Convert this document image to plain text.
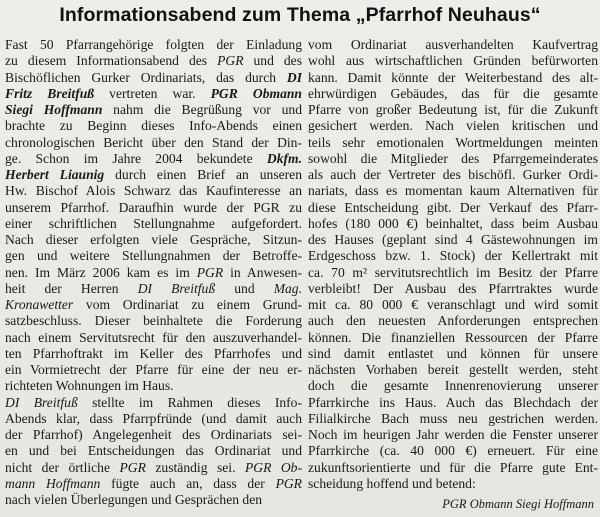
Informationsabend zum Thema „Pfarrhof Neuhaus“
Fast 50 Pfarrangehörige folgten der Einladung
zu diesem Informationsabend des PGR und des
Bischöflichen Gurker Ordinariats, das durch DI
Fritz Breitfuß vertreten war. PGR Obmann
Siegi Hoffmann nahm die Begrüßung vor und
brachte zu Beginn dieses Info-Abends einen
chronologischen Bericht über den Stand der Din-
ge. Schon im Jahre 2004 bekundete Dkfm.
Herbert Liaunig durch einen Brief an unseren
Hw. Bischof Alois Schwarz das Kaufinteresse an
unserem Pfarrhof. Daraufhin wurde der PGR zu
einer schriftlichen Stellungnahme aufgefordert.
Nach dieser erfolgten viele Gespräche, Sitzun-
gen und weitere Stellungnahmen der Betroffe-
nen. Im März 2006 kam es im PGR in Anwesen-
heit der Herren DI Breitfuß und Mag.
Kronawetter vom Ordinariat zu einem Grund-
satzbeschluss. Dieser beinhaltete die Forderung
nach einem Servitutsrecht für den auszuverhandel-
ten Pfarrhoftrakt im Keller des Pfarrhofes und
ein Vormietrecht der Pfarre für eine der neu er-
richteten Wohnungen im Haus.
DI Breitfuß stellte im Rahmen dieses Info-
Abends klar, dass Pfarrpfründe (und damit auch
der Pfarrhof) Angelegenheit des Ordinariats sei-
en und bei Entscheidungen das Ordinariat und
nicht der örtliche PGR zuständig sei. PGR Ob-
mann Hoffmann fügte auch an, dass der PGR
nach vielen Überlegungen und Gesprächen den
vom Ordinariat ausverhandelten Kaufvertrag
wohl aus wirtschaftlichen Gründen befürworten
kann. Damit könnte der Weiterbestand des alt-
ehrwürdigen Gebäudes, das für die gesamte
Pfarre von großer Bedeutung ist, für die Zukunft
gesichert werden. Nach vielen kritischen und
teils sehr emotionalen Wortmeldungen meinten
sowohl die Mitglieder des Pfarrgemeinderates
als auch der Vertreter des bischöfl. Gurker Ordi-
nariats, dass es momentan kaum Alternativen für
diese Entscheidung gibt. Der Verkauf des Pfarr-
hofes (180 000 €) beinhaltet, dass beim Ausbau
des Hauses (geplant sind 4 Gästewohnungen im
Erdgeschoss bzw. 1. Stock) der Kellertrakt mit
ca. 70 m² servitutsrechtlich im Besitz der Pfarre
verbleibt! Der Ausbau des Pfarrtraktes wurde
mit ca. 80 000 € veranschlagt und wird somit
auch den neuesten Anforderungen entsprechen
können. Die finanziellen Ressourcen der Pfarre
sind damit entlastet und können für unsere
nächsten Vorhaben bereit gestellt werden, steht
doch die gesamte Innenrenovierung unserer
Pfarrkirche ins Haus. Auch das Blechdach der
Filialkirche Bach muss neu gestrichen werden.
Noch im heurigen Jahr werden die Fenster unserer
Pfarrkirche (ca. 40 000 €) erneuert. Für eine
zukunftsorientierte und für die Pfarre gute Ent-
scheidung hoffend und betend:
PGR Obmann Siegi Hoffmann
